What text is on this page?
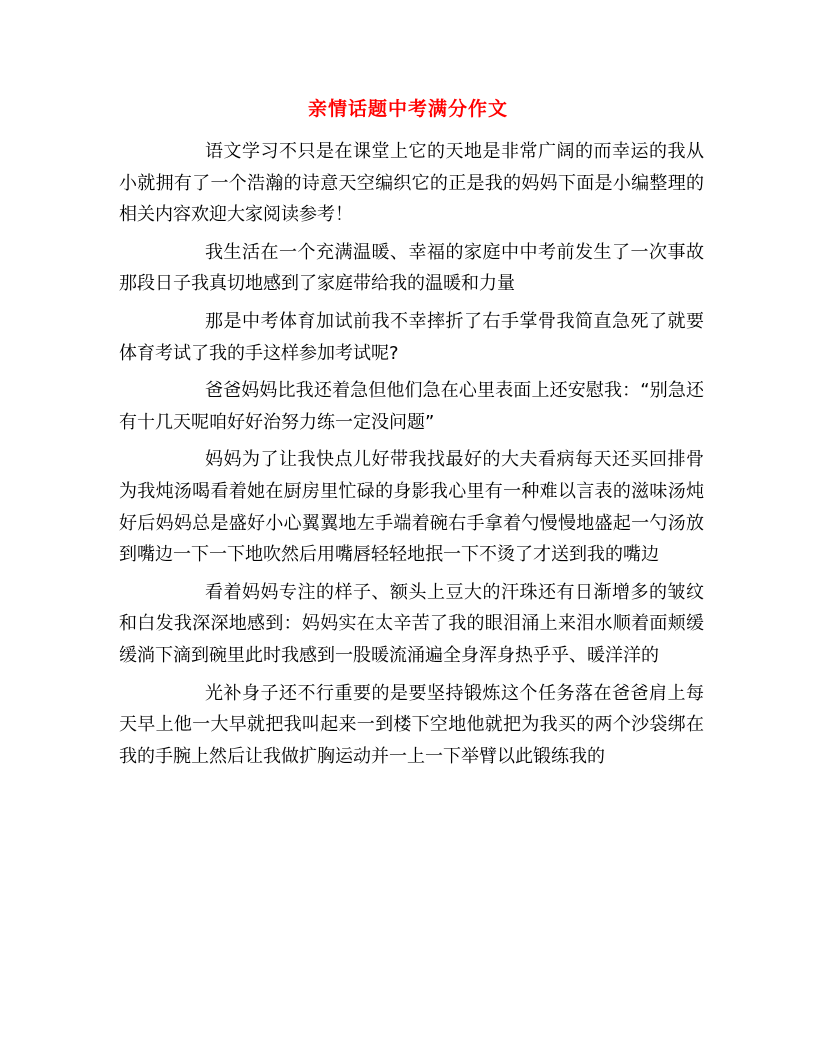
亲情话题中考满分作文

语文学习不只是在课堂上它的天地是非常广阔的而幸运的我从小就拥有了一个浩瀚的诗意天空编织它的正是我的妈妈下面是小编整理的相关内容欢迎大家阅读参考！

我生活在一个充满温暖、幸福的家庭中中考前发生了一次事故那段日子我真切地感到了家庭带给我的温暖和力量

那是中考体育加试前我不幸摔折了右手掌骨我简直急死了就要体育考试了我的手这样参加考试呢?

爸爸妈妈比我还着急但他们急在心里表面上还安慰我：“别急还有十几天呢咱好好治努力练一定没问题”

妈妈为了让我快点儿好带我找最好的大夫看病每天还买回排骨为我炖汤喝看着她在厨房里忙碌的身影我心里有一种难以言表的滋味汤炖好后妈妈总是盛好小心翼翼地左手端着碗右手拿着勺慢慢地盛起一勺汤放到嘴边一下一下地吹然后用嘴唇轻轻地抿一下不烫了才送到我的嘴边

看着妈妈专注的样子、额头上豆大的汗珠还有日渐增多的皱纹和白发我深深地感到：妈妈实在太辛苦了我的眼泪涌上来泪水顺着面颊缓缓淌下滴到碗里此时我感到一股暖流涌遍全身浑身热乎乎、暖洋洋的

光补身子还不行重要的是要坚持锻炼这个任务落在爸爸肩上每天早上他一大早就把我叫起来一到楼下空地他就把为我买的两个沙袋绑在我的手腕上然后让我做扩胸运动并一上一下举臂以此锻练我的
